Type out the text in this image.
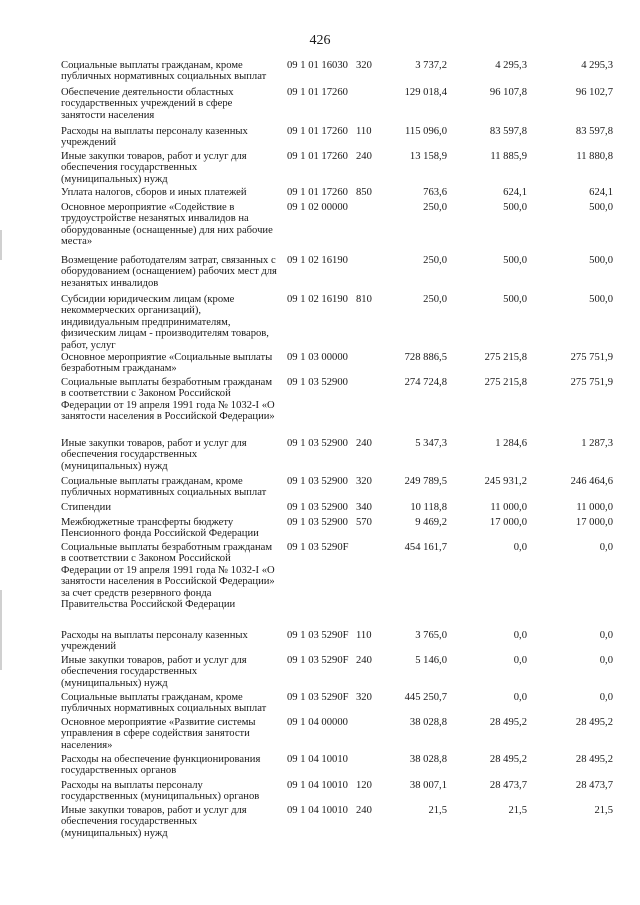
426
Социальные выплаты гражданам, кроме публичных нормативных социальных выплат
09 1 01 16030 320	3 737,2	4 295,3	4 295,3
Обеспечение деятельности областных государственных учреждений в сфере занятости населения
09 1 01 17260	129 018,4	96 107,8	96 102,7
Расходы на выплаты персоналу казенных учреждений
09 1 01 17260 110	115 096,0	83 597,8	83 597,8
Иные закупки товаров, работ и услуг для обеспечения государственных (муниципальных) нужд
09 1 01 17260 240	13 158,9	11 885,9	11 880,8
Уплата налогов, сборов и иных платежей	09 1 01 17260 850	763,6	624,1	624,1
Основное мероприятие «Содействие в трудоустройстве незанятых инвалидов на оборудованные (оснащенные) для них рабочие места»
09 1 02 00000	250,0	500,0	500,0
Возмещение работодателям затрат, связанных с оборудованием (оснащением) рабочих мест для незанятых инвалидов
09 1 02 16190	250,0	500,0	500,0
Субсидии юридическим лицам (кроме некоммерческих организаций), индивидуальным предпринимателям, физическим лицам - производителям товаров, работ, услуг
09 1 02 16190 810	250,0	500,0	500,0
Основное мероприятие «Социальные выплаты безработным гражданам»
09 1 03 00000	728 886,5	275 215,8	275 751,9
Социальные выплаты безработным гражданам в соответствии с Законом Российской Федерации от 19 апреля 1991 года № 1032-I «О занятости населения в Российской Федерации»
09 1 03 52900	274 724,8	275 215,8	275 751,9
Иные закупки товаров, работ и услуг для обеспечения государственных (муниципальных) нужд
09 1 03 52900 240	5 347,3	1 284,6	1 287,3
Социальные выплаты гражданам, кроме публичных нормативных социальных выплат
09 1 03 52900 320	249 789,5	245 931,2	246 464,6
Стипендии	09 1 03 52900 340	10 118,8	11 000,0	11 000,0
Межбюджетные трансферты бюджету Пенсионного фонда Российской Федерации
09 1 03 52900 570	9 469,2	17 000,0	17 000,0
Социальные выплаты безработным гражданам в соответствии с Законом Российской Федерации от 19 апреля 1991 года № 1032-I «О занятости населения в Российской Федерации» за счет средств резервного фонда Правительства Российской Федерации
09 1 03 5290F	454 161,7	0,0	0,0
Расходы на выплаты персоналу казенных учреждений
09 1 03 5290F 110	3 765,0	0,0	0,0
Иные закупки товаров, работ и услуг для обеспечения государственных (муниципальных) нужд
09 1 03 5290F 240	5 146,0	0,0	0,0
Социальные выплаты гражданам, кроме публичных нормативных социальных выплат
09 1 03 5290F 320	445 250,7	0,0	0,0
Основное мероприятие «Развитие системы управления в сфере содействия занятости населения»
09 1 04 00000	38 028,8	28 495,2	28 495,2
Расходы на обеспечение функционирования государственных органов
09 1 04 10010	38 028,8	28 495,2	28 495,2
Расходы на выплаты персоналу государственных (муниципальных) органов
09 1 04 10010 120	38 007,1	28 473,7	28 473,7
Иные закупки товаров, работ и услуг для обеспечения государственных (муниципальных) нужд
09 1 04 10010 240	21,5	21,5	21,5
